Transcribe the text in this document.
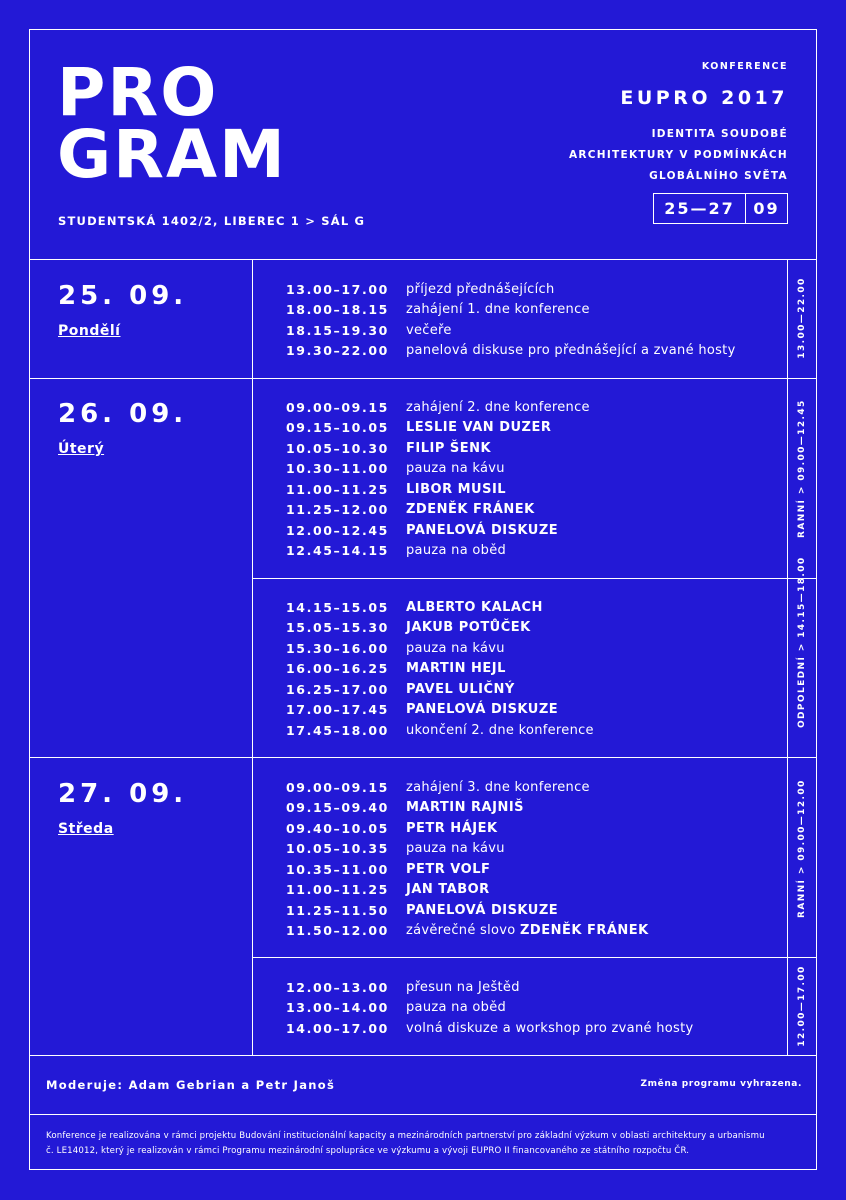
PRO
GRAM
STUDENTSKÁ 1402/2, LIBEREC 1 > SÁL G
KONFERENCE
EUPRO 2017
IDENTITA SOUDOBÉ
ARCHITEKTURY V PODMÍNKÁCH
GLOBÁLNÍHO SVĚTA
25—27	09
25. 09.
Pondělí
26. 09.
Úterý
27. 09.
Středa
13.00–17.00	příjezd přednášejících
18.00–18.15	zahájení 1. dne konference
18.15–19.30	večeře
19.30–22.00	panelová diskuse pro přednášející a zvané hosty
09.00–09.15	zahájení 2. dne konference
09.15–10.05	LESLIE VAN DUZER
10.05–10.30	FILIP ŠENK
10.30–11.00	pauza na kávu
11.00–11.25	LIBOR MUSIL
11.25–12.00	ZDENĚK FRÁNEK
12.00–12.45	PANELOVÁ DISKUZE
12.45–14.15	pauza na oběd
14.15–15.05	ALBERTO KALACH
15.05–15.30	JAKUB POTŮČEK
15.30–16.00	pauza na kávu
16.00–16.25	MARTIN HEJL
16.25–17.00	PAVEL ULIČNÝ
17.00–17.45	PANELOVÁ DISKUZE
17.45–18.00	ukončení 2. dne konference
09.00–09.15	zahájení 3. dne konference
09.15–09.40	MARTIN RAJNIŠ
09.40–10.05	PETR HÁJEK
10.05–10.35	pauza na kávu
10.35–11.00	PETR VOLF
11.00–11.25	JAN TABOR
11.25–11.50	PANELOVÁ DISKUZE
11.50–12.00	závěrečné slovo ZDENĚK FRÁNEK
12.00–13.00	přesun na Ještěd
13.00–14.00	pauza na oběd
14.00–17.00	volná diskuze a workshop pro zvané hosty
13.00—22.00
RANNÍ > 09.00—12.45
ODPOLEDNÍ > 14.15—18.00
RANNÍ > 09.00—12.00
12.00—17.00
Moderuje: Adam Gebrian a Petr Janoš	Změna programu vyhrazena.
Konference je realizována v rámci projektu Budování institucionální kapacity a mezinárodních partnerství pro základní výzkum v oblasti architektury a urbanismu
č. LE14012, který je realizován v rámci Programu mezinárodní spolupráce ve výzkumu a vývoji EUPRO II financovaného ze státního rozpočtu ČR.
